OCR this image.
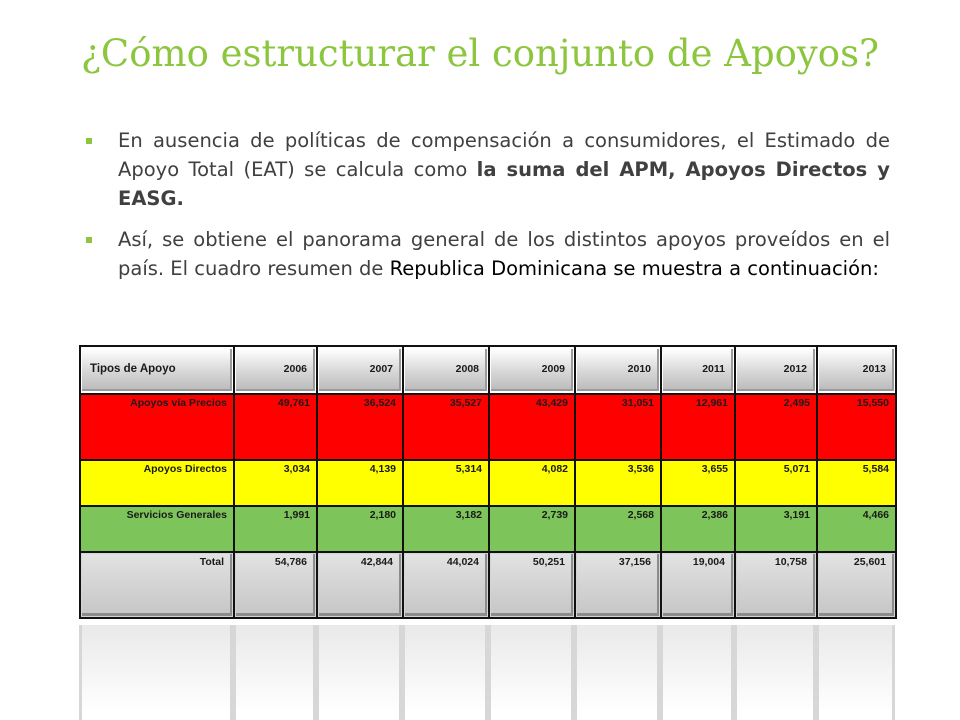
¿Cómo estructurar el conjunto de Apoyos?
En ausencia de políticas de compensación a consumidores, el Estimado de Apoyo Total (EAT) se calcula como la suma del APM, Apoyos Directos y EASG.
Así, se obtiene el panorama general de los distintos apoyos proveídos en el país. El cuadro resumen de Republica Dominicana se muestra a continuación:
Tipos de Apoyo	2006	2007	2008	2009	2010	2011	2012	2013

Apoyos vía Precios	49,761	36,524	35,527	43,429	31,051	12,961	2,495	15,550
Apoyos Directos	3,034	4,139	5,314	4,082	3,536	3,655	5,071	5,584
Servicios Generales	1,991	2,180	3,182	2,739	2,568	2,386	3,191	4,466

Total	54,786	42,844	44,024	50,251	37,156	19,004	10,758	25,601
